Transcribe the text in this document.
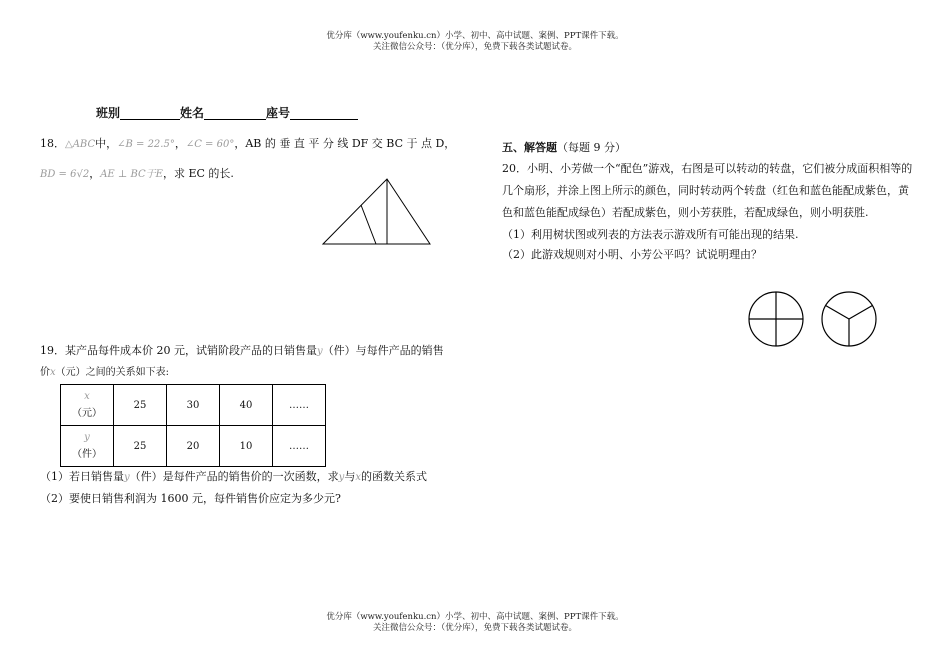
优分库（www.youfenku.cn）小学、初中、高中试题、案例、PPT课件下载。
关注微信公众号：（优分库），免费下载各类试题试卷。
班别	姓名	座号
18．△ABC中，∠B = 22.5°，∠C = 60°，AB 的 垂 直 平 分 线 DF 交 BC 于 点 D，
BD = 6√2，AE ⊥ BC于E，求 EC 的长.
19．某产品每件成本价 20 元，试销阶段产品的日销售量y（件）与每件产品的销售
价x（元）之间的关系如下表:
x
（元）	25	30	40	……

y
（件）	25	20	10	……
（1）若日销售量y（件）是每件产品的销售价的一次函数，求y与x的函数关系式
（2）要使日销售利润为 1600 元，每件销售价应定为多少元?
五、解答题（每题 9 分）
20．小明、小芳做一个“配色”游戏，右图是可以转动的转盘，它们被分成面积相等的
几个扇形，并涂上图上所示的颜色，同时转动两个转盘（红色和蓝色能配成紫色，黄
色和蓝色能配成绿色）若配成紫色，则小芳获胜，若配成绿色，则小明获胜.
（1）利用树状图或列表的方法表示游戏所有可能出现的结果.
（2）此游戏规则对小明、小芳公平吗？试说明理由？
优分库（www.youfenku.cn）小学、初中、高中试题、案例、PPT课件下载。
关注微信公众号：（优分库），免费下载各类试题试卷。
